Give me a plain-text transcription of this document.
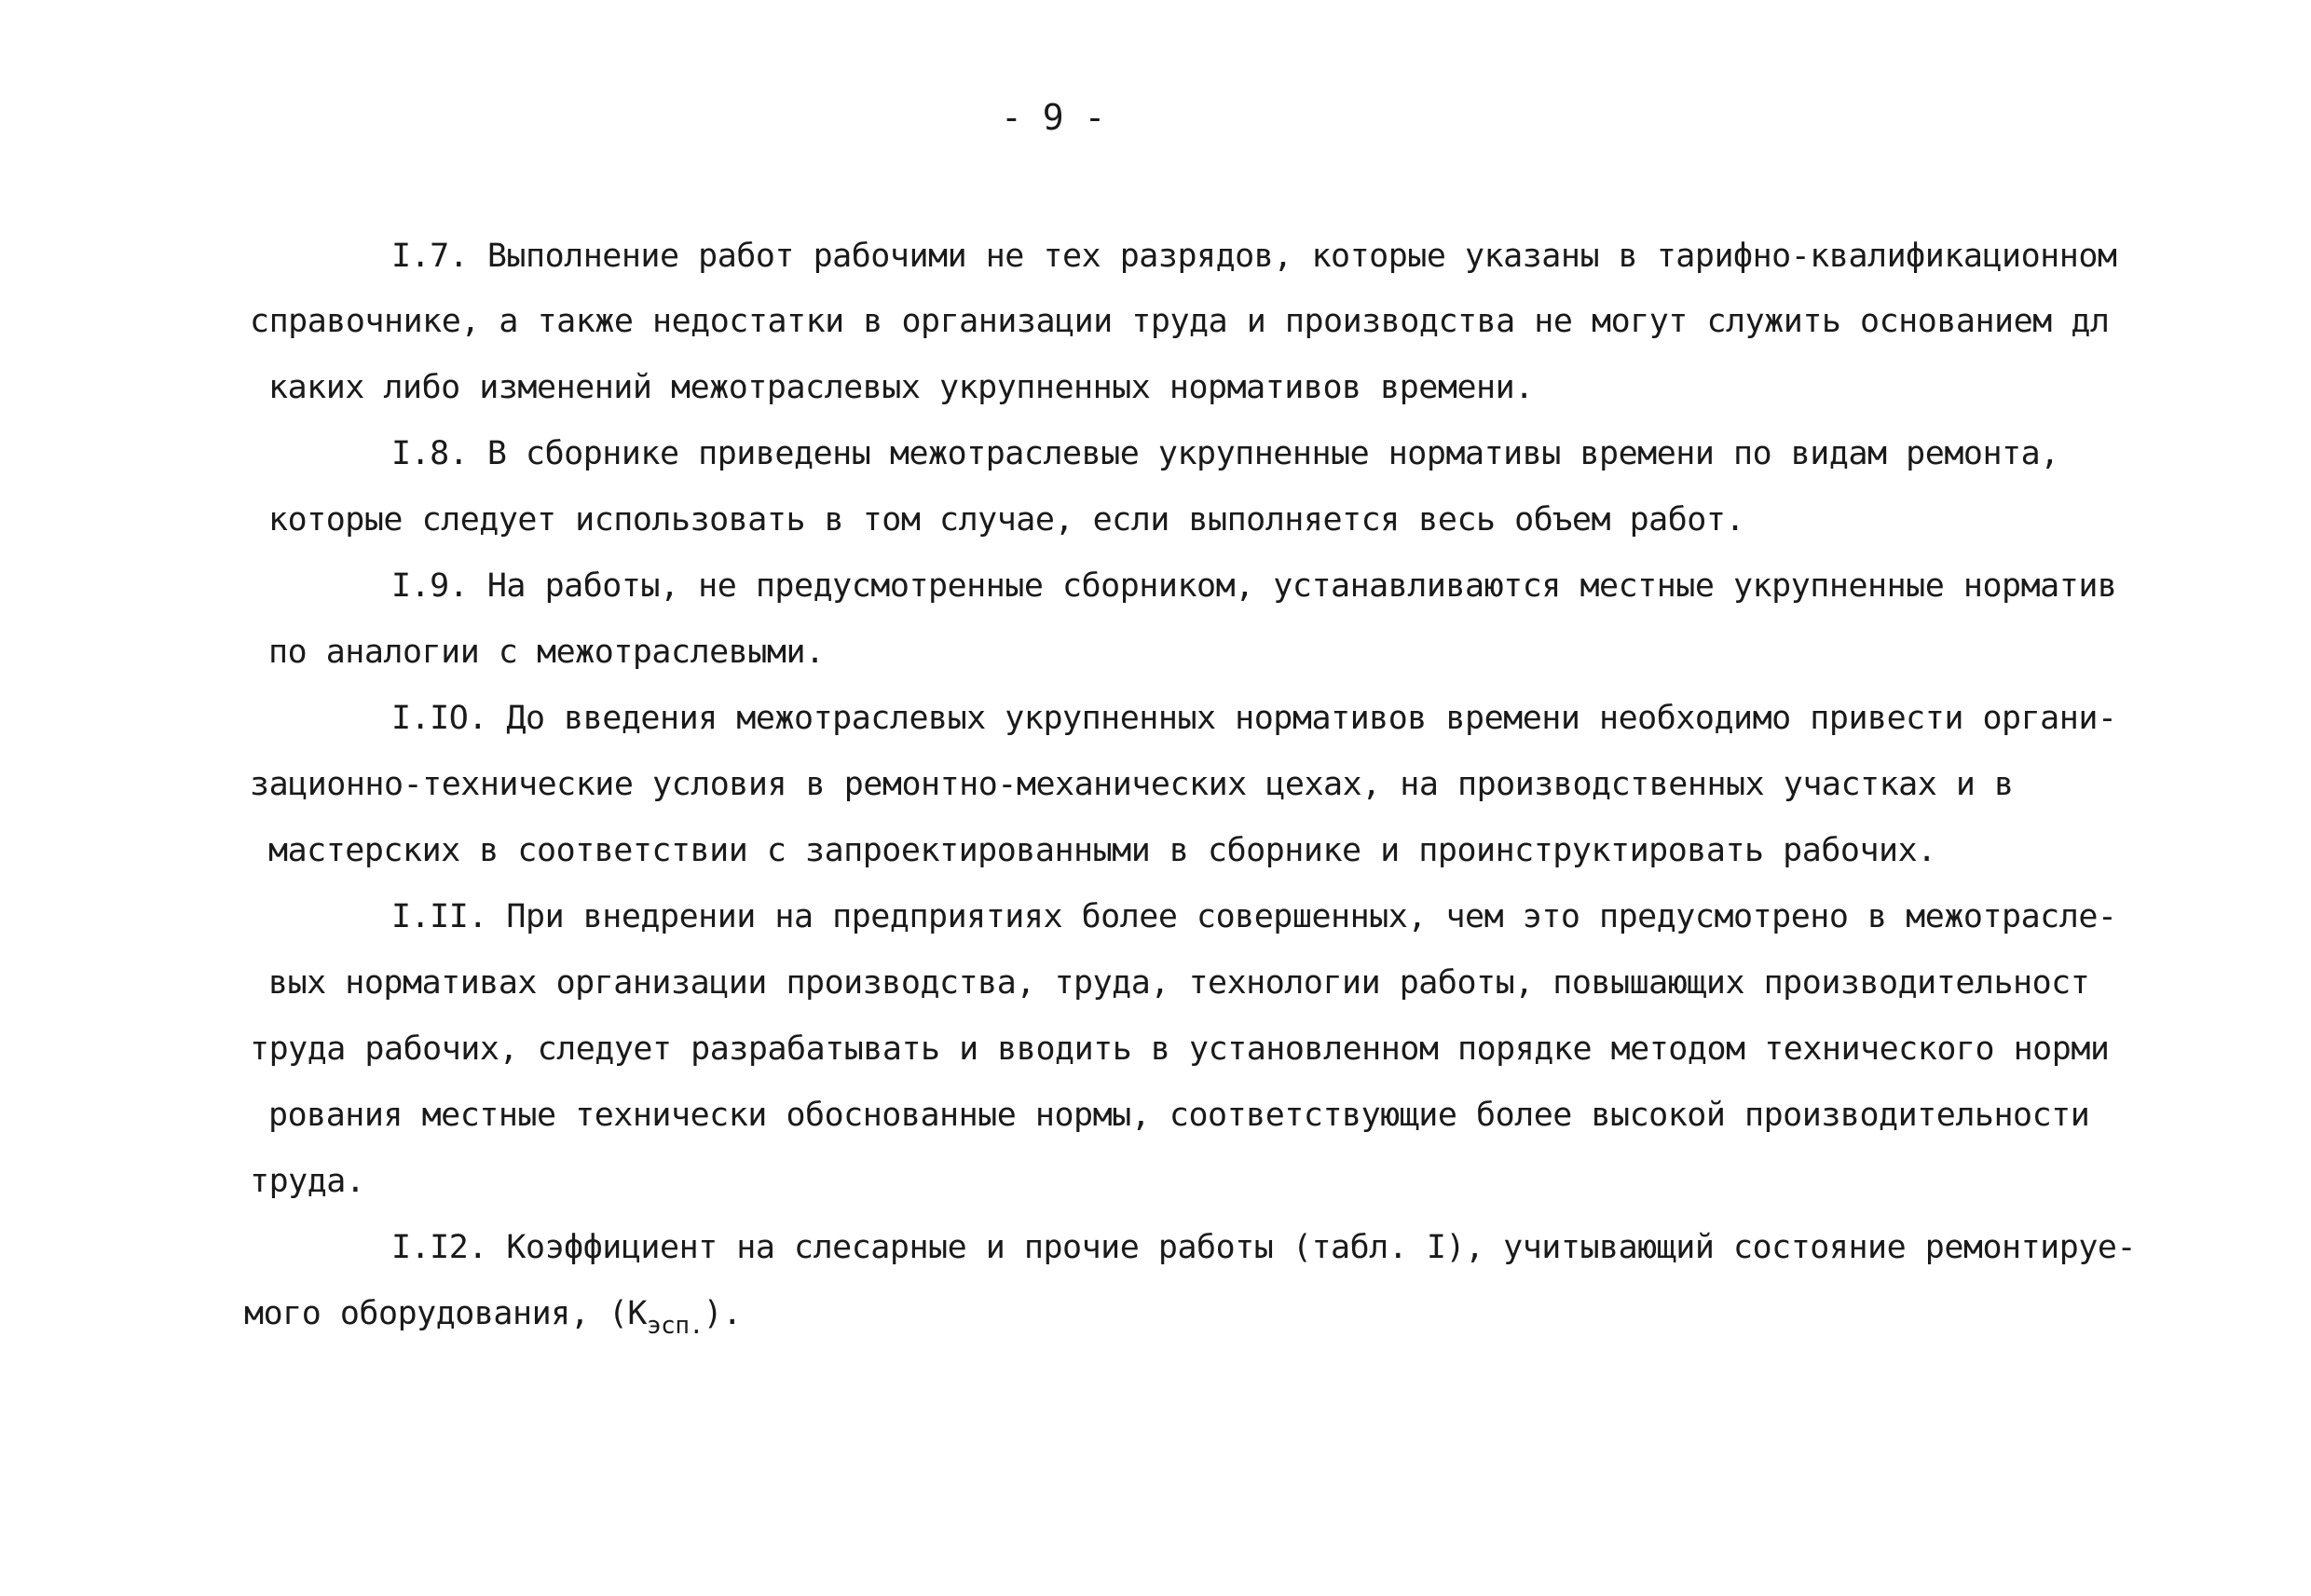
- 9 -
I.7. Выполнение работ рабочими не тех разрядов, которые указаны в тарифно-квалификационном
справочнике, а также недостатки в организации труда и производства не могут служить основанием дл
каких либо изменений межотраслевых укрупненных нормативов времени.
I.8. В сборнике приведены межотраслевые укрупненные нормативы времени по видам ремонта,
которые следует использовать в том случае, если выполняется весь объем работ.
I.9. На работы, не предусмотренные сборником, устанавливаются местные укрупненные норматив
по аналогии с межотраслевыми.
I.IO. До введения межотраслевых укрупненных нормативов времени необходимо привести органи-
зационно-технические условия в ремонтно-механических цехах, на производственных участках и в
мастерских в соответствии с запроектированными в сборнике и проинструктировать рабочих.
I.II. При внедрении на предприятиях более совершенных, чем это предусмотрено в межотрасле-
вых нормативах организации производства, труда, технологии работы, повышающих производительност
труда рабочих, следует разрабатывать и вводить в установленном порядке методом технического норми
рования местные технически обоснованные нормы, соответствующие более высокой производительности
труда.
I.I2. Коэффициент на слесарные и прочие работы (табл. I), учитывающий состояние ремонтируе-
мого оборудования, $(К_{эсп.})$.
